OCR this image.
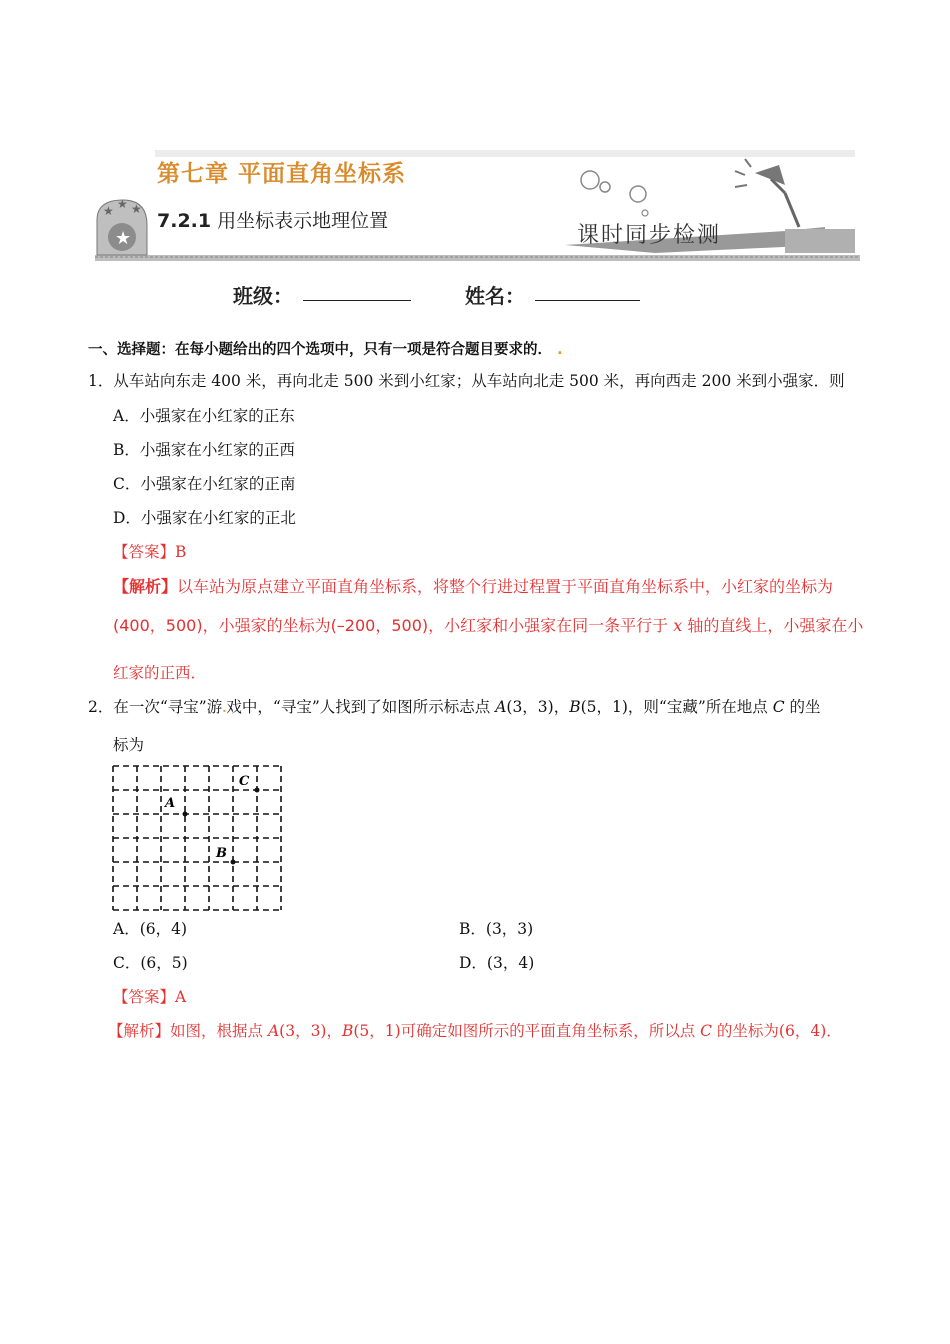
★
★ ★ ★
第七章 平面直角坐标系
7.2.1 用坐标表示地理位置
课时同步检测
班级：	姓名：
一、选择题：在每小题给出的四个选项中，只有一项是符合题目要求的． .
1．从车站向东走 400 米，再向北走 500 米到小红家；从车站向北走 500 米，再向西走 200 米到小强家．则
A．小强家在小红家的正东
B．小强家在小红家的正西
C．小强家在小红家的正南
D．小强家在小红家的正北
【答案】B
【解析】以车站为原点建立平面直角坐标系，将整个行进过程置于平面直角坐标系中，小红家的坐标为
(400，500)，小强家的坐标为(–200，500)，小红家和小强家在同一条平行于 x 轴的直线上，小强家在小
红家的正西．
2．在一次“寻宝”游.戏中，“寻宝”人找到了如图所示标志点 A(3，3)，B(5，1)，则“宝藏”所在地点 C 的坐
标为
A
B
C
A．(6，4)	B．(3，3)
C．(6，5)	D．(3，4)
【答案】A
【解析】如图，根据点 A(3，3)，B(5，1)可确定如图所示的平面直角坐标系，所以点 C 的坐标为(6，4)．
